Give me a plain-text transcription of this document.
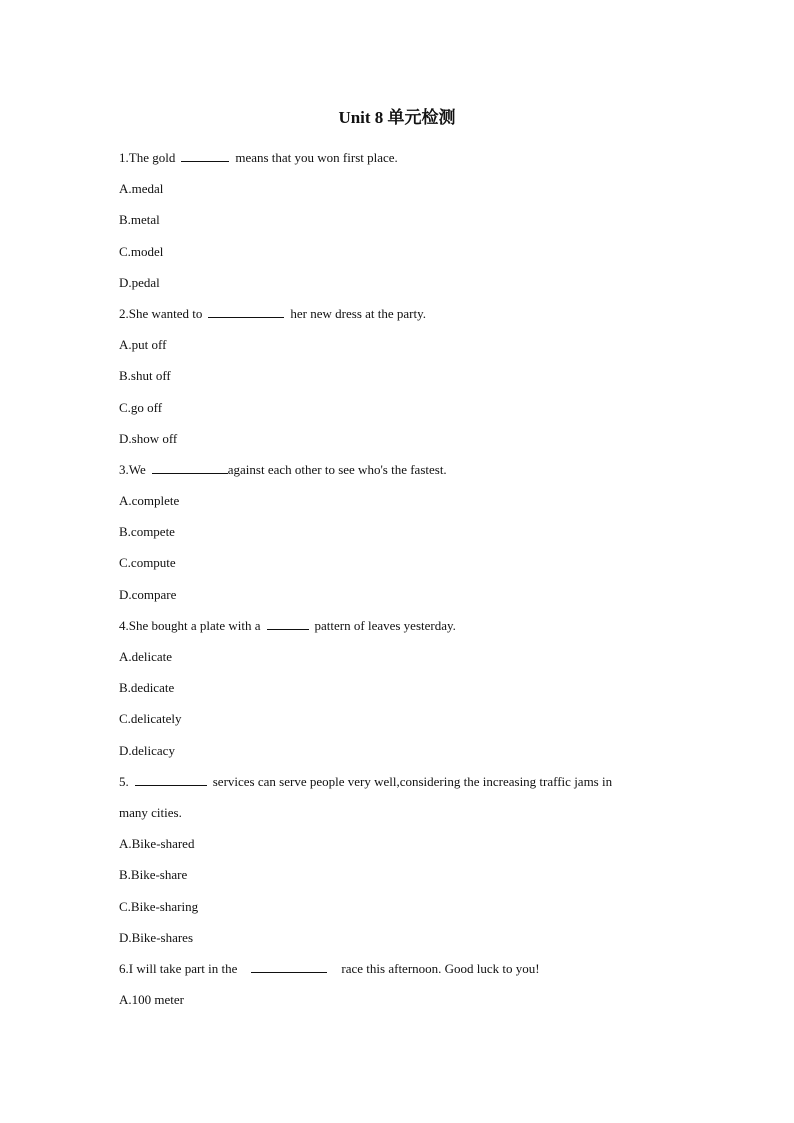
Unit 8 单元检测
1.The gold	means that you won first place.
A.medal
B.metal
C.model
D.pedal
2.She wanted to	her new dress at the party.
A.put off
B.shut off
C.go off
D.show off
3.We	against each other to see who's the fastest.
A.complete
B.compete
C.compute
D.compare
4.She bought a plate with a	pattern of leaves yesterday.
A.delicate
B.dedicate
C.delicately
D.delicacy
5.	services can serve people very well,considering the increasing traffic jams in
many cities.
A.Bike-shared
B.Bike-share
C.Bike-sharing
D.Bike-shares
6.I will take part in the	race this afternoon. Good luck to you!
A.100 meter
